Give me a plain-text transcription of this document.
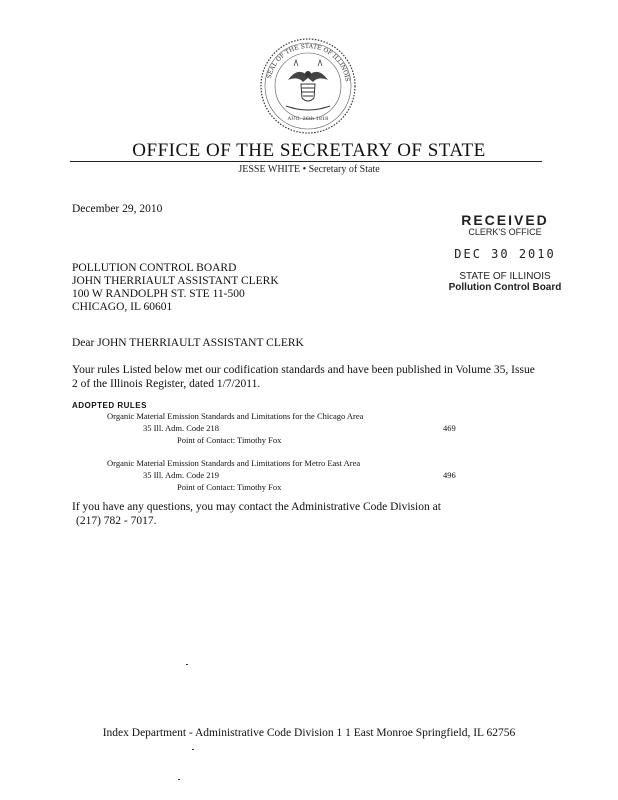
SEAL OF THE STATE OF ILLINOIS
AUG. 26th 1818
OFFICE OF THE SECRETARY OF STATE
JESSE WHITE • Secretary of State
December 29, 2010
RECEIVED
CLERK'S OFFICE
DEC 30 2010
STATE OF ILLINOIS
Pollution Control Board
POLLUTION CONTROL BOARD
JOHN THERRIAULT ASSISTANT CLERK
100 W RANDOLPH ST. STE 11-500
CHICAGO, IL 60601
Dear JOHN THERRIAULT ASSISTANT CLERK
Your rules Listed below met our codification standards and have been published in Volume 35, Issue 2 of the Illinois Register, dated 1/7/2011.
ADOPTED RULES
Organic Material Emission Standards and Limitations for the Chicago Area
35 Ill. Adm. Code 218	469
Point of Contact: Timothy Fox
Organic Material Emission Standards and Limitations for Metro East Area
35 Ill. Adm. Code 219	496
Point of Contact: Timothy Fox
If you have any questions, you may contact the Administrative Code Division at
(217) 782 - 7017.
Index Department - Administrative Code Division 1 1 East Monroe Springfield, IL 62756
